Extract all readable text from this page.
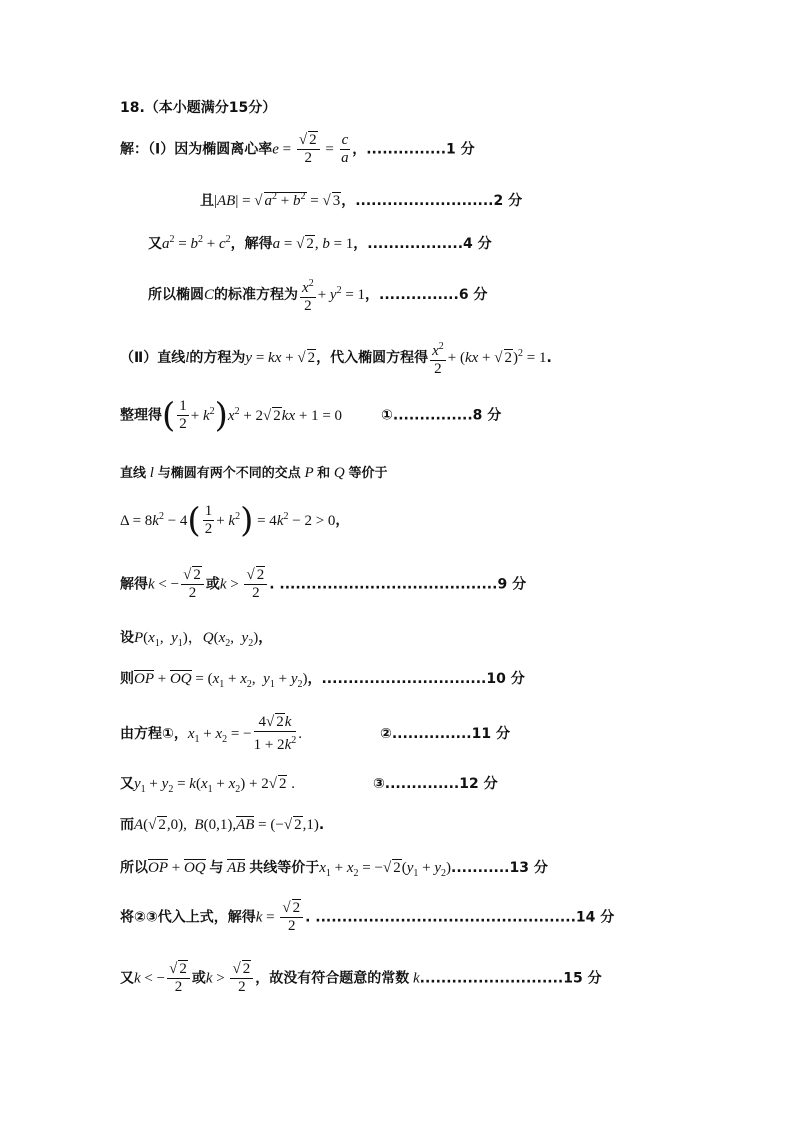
18.（本小题满分15分）
解：（Ⅰ）因为椭圆离心率$e = \frac{√ 2}{2} = \frac{c}{a}$ ，...............1 分
且|AB| = √ $a^2 + b^2$ = √ 3，..........................2 分
又$a^2 = b^2 + c^2$，解得a = √ 2, b = 1，..................4 分
所以椭圆C的标准方程为 $\frac{x^2}{2} + y^2 = 1$，...............6 分
（Ⅱ）直线l的方程为y = kx + √ 2，代入椭圆方程得 $\frac{x^2}{2} + (kx$ + √ 2)$^2$ = 1.
整理得( $\frac{1}{2} + k^2)x^2 + 2√$ 2kx + 1 = 0	①...............8 分
直线 l 与椭圆有两个不同的交点 P 和 Q 等价于
$\Delta = 8k^2 - 4( \frac{1}{2} + k^2) = 4k^2 - 2 > 0$，
解得k < − $\frac{√ 2}{2}$ 或$k > \frac{√ 2}{2}$ . .........................................9 分
设$P(x_1$,  $y_1$)，$Q(x_2$,  $y_2$)，
则OP + OQ = ($x_1 + x_2$,  $y_1 + y_2$)，...............................10 分
由方程①，$x_1 + x_2$ = − $\frac{4√ 2k}{1 + 2k^2}$ .	②...............11 分
又$y_1 + y_2 = k(x_1 + x_2) + 2√$ 2 .	③..............12 分
而A(√ 2,0),  B(0,1),AB = (−√ 2,1).
所以OP + OQ 与 AB 共线等价于$x_1 + x_2$ = −√ $2(y_1 + y_2)...........13$ 分
将②③代入上式，解得$k = \frac{√ 2}{2}$ . .................................................14 分
又k < − $\frac{√ 2}{2}$ 或$k > \frac{√ 2}{2}$ ，故没有符合题意的常数 k...........................15 分
